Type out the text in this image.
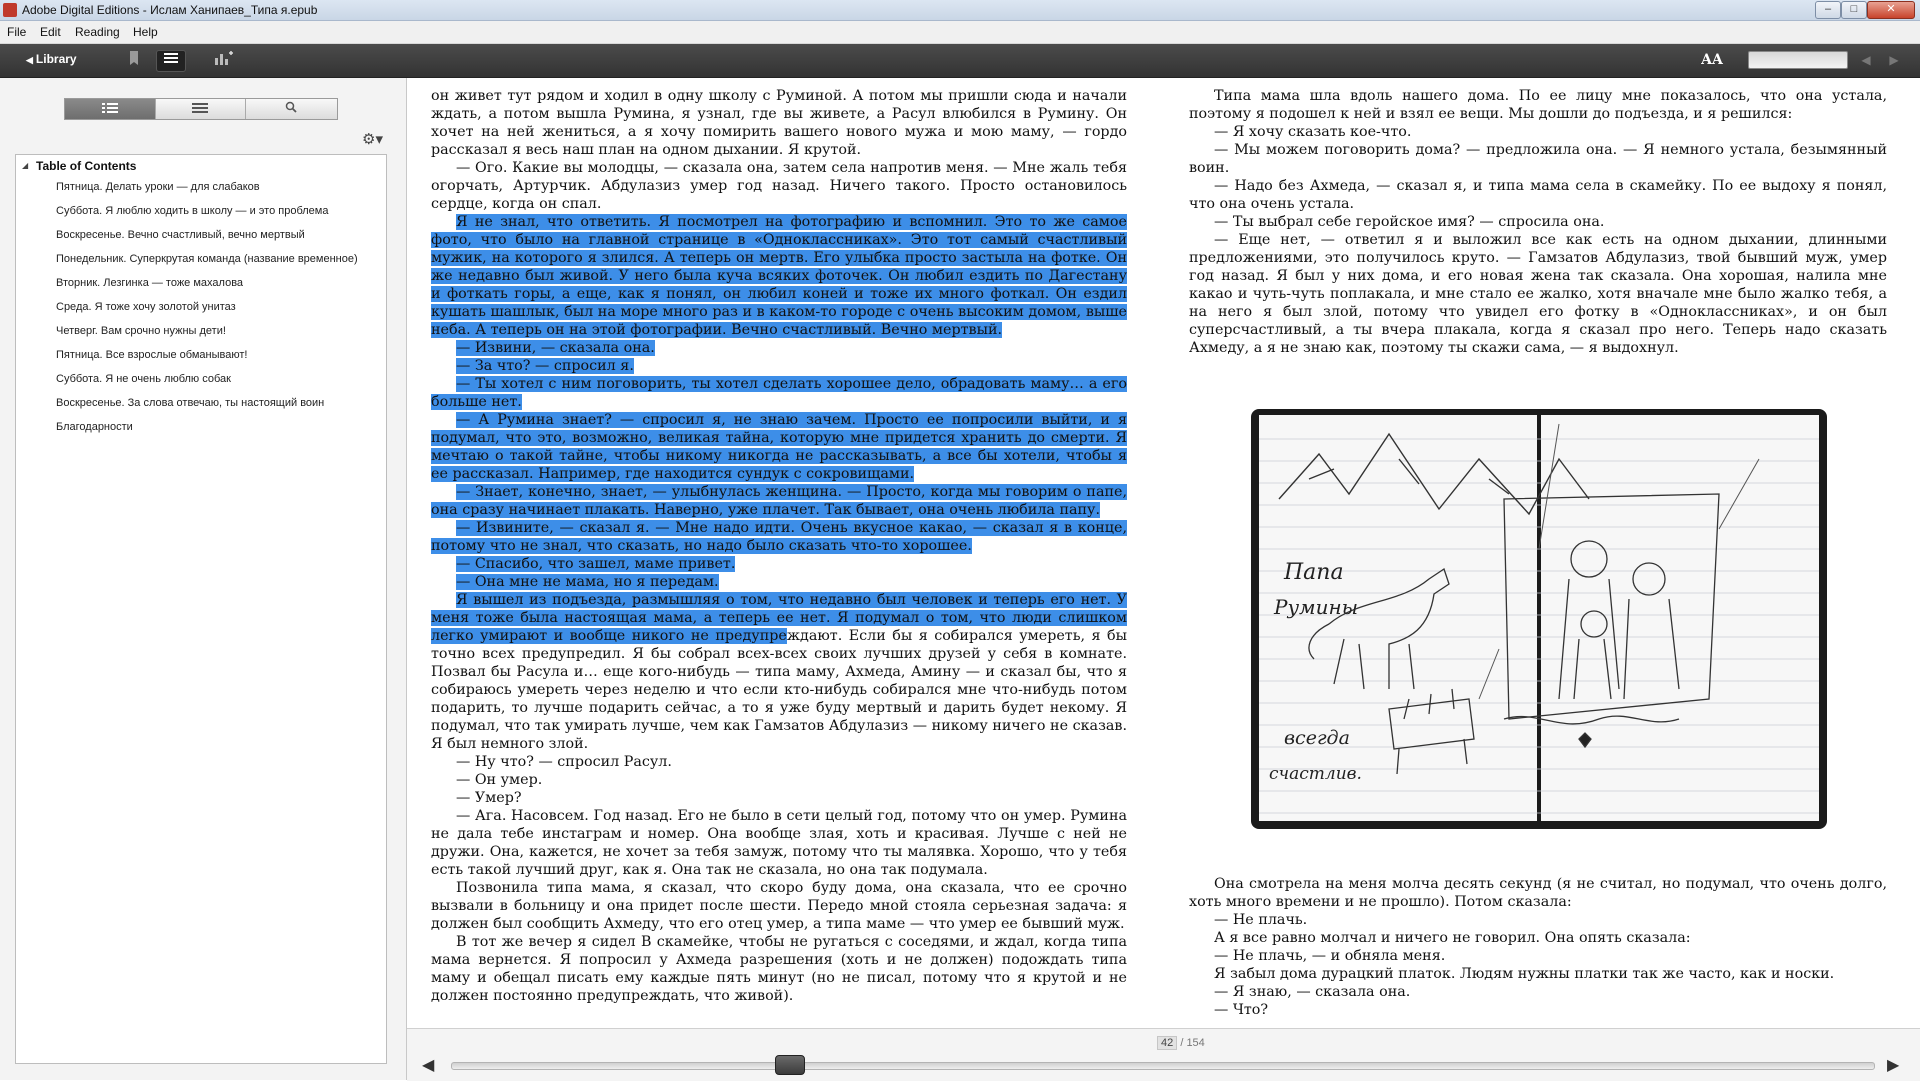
Adobe Digital Editions - Ислам Ханипаев_Типа я.epub	–	□	✕
File Edit Reading Help
◀ Library	AA	◀	▶
⚙▾
◢ Table of Contents
Пятница. Делать уроки — для слабаков
Суббота. Я люблю ходить в школу — и это проблема
Воскресенье. Вечно счастливый, вечно мертвый
Понедельник. Суперкрутая команда (название временное)
Вторник. Лезгинка — тоже махалова
Среда. Я тоже хочу золотой унитаз
Четверг. Вам срочно нужны дети!
Пятница. Все взрослые обманывают!
Суббота. Я не очень люблю собак
Воскресенье. За слова отвечаю, ты настоящий воин
Благодарности

он живет тут рядом и ходил в одну школу с Руминой. А потом мы пришли сюда и начали ждать, а потом вышла Румина, я узнал, где вы живете, а Расул влюбился в Румину. Он хочет на ней жениться, а я хочу помирить вашего нового мужа и мою маму, — гордо рассказал я весь наш план на одном дыхании. Я крутой.

— Ого. Какие вы молодцы, — сказала она, затем села напротив меня. — Мне жаль тебя огорчать, Артурчик. Абдулазиз умер год назад. Ничего такого. Просто остановилось сердце, когда он спал.

Я не знал, что ответить. Я посмотрел на фотографию и вспомнил. Это то же самое фото, что было на главной странице в «Одноклассниках». Это тот самый счастливый мужик, на которого я злился. А теперь он мертв. Его улыбка просто застыла на фотке. Он же недавно был живой. У него была куча всяких фоточек. Он любил ездить по Дагестану и фоткать горы, а еще, как я понял, он любил коней и тоже их много фоткал. Он ездил кушать шашлык, был на море много раз и в каком-то городе с очень высоким домом, выше неба. А теперь он на этой фотографии. Вечно счастливый. Вечно мертвый.

— Извини, — сказала она.

— За что? — спросил я.

— Ты хотел с ним поговорить, ты хотел сделать хорошее дело, обрадовать маму… а его больше нет.

— А Румина знает? — спросил я, не знаю зачем. Просто ее попросили выйти, и я подумал, что это, возможно, великая тайна, которую мне придется хранить до смерти. Я мечтаю о такой тайне, чтобы никому никогда не рассказывать, а все бы хотели, чтобы я ее рассказал. Например, где находится сундук с сокровищами.

— Знает, конечно, знает, — улыбнулась женщина. — Просто, когда мы говорим о папе, она сразу начинает плакать. Наверно, уже плачет. Так бывает, она очень любила папу.

— Извините, — сказал я. — Мне надо идти. Очень вкусное какао, — сказал я в конце, потому что не знал, что сказать, но надо было сказать что-то хорошее.

— Спасибо, что зашел, маме привет.

— Она мне не мама, но я передам.

Я вышел из подъезда, размышляя о том, что недавно был человек и теперь его нет. У меня тоже была настоящая мама, а теперь ее нет. Я подумал о том, что люди слишком легко умирают и вообще никого не предупреждают. Если бы я собирался умереть, я бы точно всех предупредил. Я бы собрал всех-всех своих лучших друзей у себя в комнате. Позвал бы Расула и… еще кого-нибудь — типа маму, Ахмеда, Амину — и сказал бы, что я собираюсь умереть через неделю и что если кто-нибудь собирался мне что-нибудь потом подарить, то лучше подарить сейчас, а то я уже буду мертвый и дарить будет некому. Я подумал, что так умирать лучше, чем как Гамзатов Абдулазиз — никому ничего не сказав. Я был немного злой.

— Ну что? — спросил Расул.

— Он умер.

— Умер?

— Ага. Насовсем. Год назад. Его не было в сети целый год, потому что он умер. Румина не дала тебе инстаграм и номер. Она вообще злая, хоть и красивая. Лучше с ней не дружи. Она, кажется, не хочет за тебя замуж, потому что ты малявка. Хорошо, что у тебя есть такой лучший друг, как я. Она так не сказала, но она так подумала.

Позвонила типа мама, я сказал, что скоро буду дома, она сказала, что ее срочно вызвали в больницу и она придет после шести. Передо мной стояла серьезная задача: я должен был сообщить Ахмеду, что его отец умер, а типа маме — что умер ее бывший муж.

В тот же вечер я сидел В скамейке, чтобы не ругаться с соседями, и ждал, когда типа мама вернется. Я попросил у Ахмеда разрешения (хоть и не должен) подождать типа маму и обещал писать ему каждые пять минут (но не писал, потому что я крутой и не должен постоянно предупреждать, что живой).

Типа мама шла вдоль нашего дома. По ее лицу мне показалось, что она устала, поэтому я подошел к ней и взял ее вещи. Мы дошли до подъезда, и я решился:

— Я хочу сказать кое-что.

— Мы можем поговорить дома? — предложила она. — Я немного устала, безымянный воин.

— Надо без Ахмеда, — сказал я, и типа мама села в скамейку. По ее выдоху я понял, что она очень устала.

— Ты выбрал себе геройское имя? — спросила она.

— Еще нет, — ответил я и выложил все как есть на одном дыхании, длинными предложениями, это получилось круто. — Гамзатов Абдулазиз, твой бывший муж, умер год назад. Я был у них дома, и его новая жена так сказала. Она хорошая, налила мне какао и чуть-чуть поплакала, и мне стало ее жалко, хотя вначале мне было жалко тебя, а на него я был злой, потому что увидел его фотку в «Одноклассниках», и он был суперсчастливый, а ты вчера плакала, когда я сказал про него. Теперь надо сказать Ахмеду, а я не знаю как, поэтому ты скажи сама, — я выдохнул.

Папа
Румины
всегда
счастлив.

Она смотрела на меня молча десять секунд (я не считал, но подумал, что очень долго, хоть много времени и не прошло). Потом сказала:

— Не плачь.

А я все равно молчал и ничего не говорил. Она опять сказала:

— Не плачь, — и обняла меня.

Я забыл дома дурацкий платок. Людям нужны платки так же часто, как и носки.

— Я знаю, — сказала она.

— Что?

42 / 154
◀	▶
